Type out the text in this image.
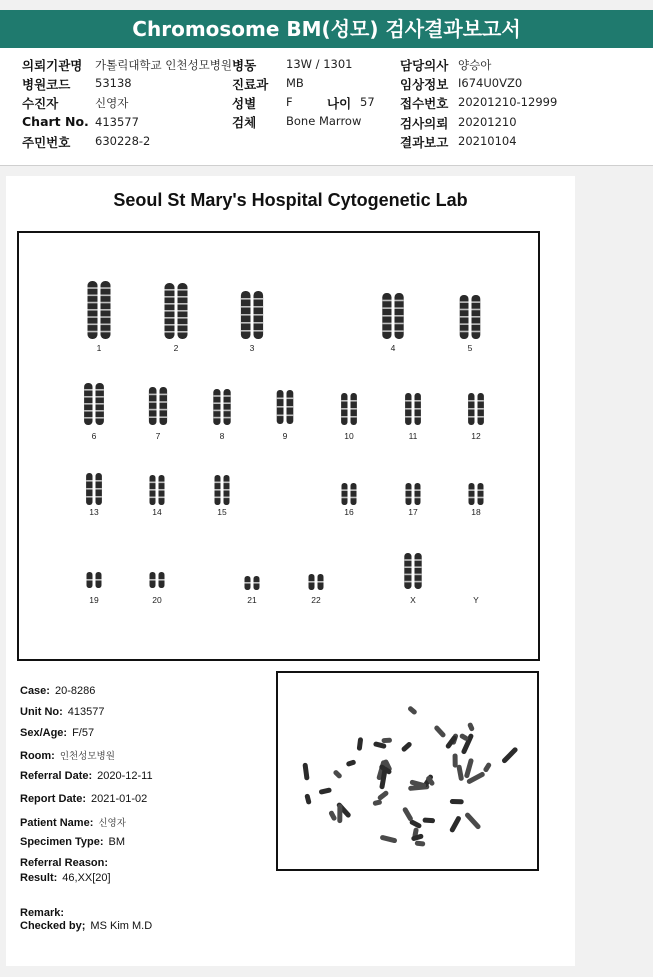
Chromosome BM(성모) 검사결과보고서
의뢰기관명 가톨릭대학교 인천성모병원 병동	13W / 1301	담당의사 양승아
병원코드 53138	진료과 MB	임상정보 I674U0VZ0
수진자	신영자	성별	F	나이 57 접수번호 20201210-12999
Chart No. 413577	검체	Bone Marrow	검사의뢰 20201210
주민번호 630228-2	결과보고 20210104
Seoul St Mary's Hospital Cytogenetic Lab
1	2	3	4	5
6	7	8	9	10	11	12
13	14	15	16	17	18
19	20	21	22	X	Y
Case: 20-8286
Unit No: 413577
Sex/Age: F/57
Room: 인천성모병원
Referral Date: 2020-12-11
Report Date: 2021-01-02
Patient Name: 신영자
Specimen Type: BM
Referral Reason:
Result: 46,XX[20]
Remark:
Checked by; MS Kim M.D
